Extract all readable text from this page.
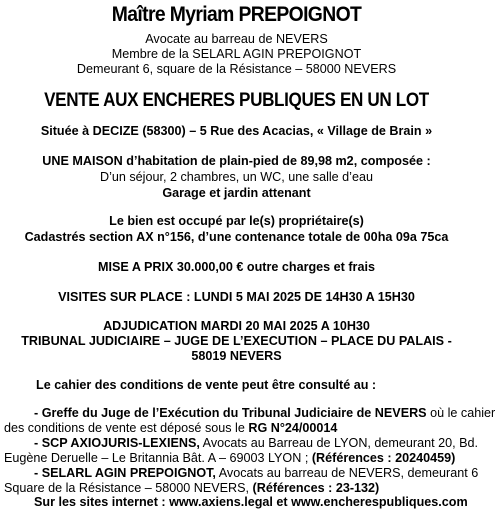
Maître Myriam PREPOIGNOT
Avocate au barreau de NEVERS
Membre de la SELARL AGIN PREPOIGNOT
Demeurant 6, square de la Résistance – 58000 NEVERS
VENTE AUX ENCHERES PUBLIQUES EN UN LOT
Située à DECIZE (58300) – 5 Rue des Acacias, « Village de Brain »
UNE MAISON d’habitation de plain-pied de 89,98 m2, composée :
D’un séjour, 2 chambres, un WC, une salle d’eau
Garage et jardin attenant
Le bien est occupé par le(s) propriétaire(s)
Cadastrés section AX n°156, d’une contenance totale de 00ha 09a 75ca
MISE A PRIX 30.000,00 € outre charges et frais
VISITES SUR PLACE : LUNDI 5 MAI 2025 DE 14H30 A 15H30
ADJUDICATION MARDI 20 MAI 2025 A 10H30
TRIBUNAL JUDICIAIRE – JUGE DE L’EXECUTION – PLACE DU PALAIS -
58019 NEVERS
Le cahier des conditions de vente peut être consulté au :
- Greffe du Juge de l’Exécution du Tribunal Judiciaire de NEVERS où le cahier
des conditions de vente est déposé sous le RG N°24/00014
- SCP AXIOJURIS-LEXIENS, Avocats au Barreau de LYON, demeurant 20, Bd.
Eugène Deruelle – Le Britannia Bât. A – 69003 LYON ; (Références : 20240459)
- SELARL AGIN PREPOIGNOT, Avocats au barreau de NEVERS, demeurant 6
Square de la Résistance – 58000 NEVERS, (Références : 23-132)
Sur les sites internet : www.axiens.legal et www.encherespubliques.com
